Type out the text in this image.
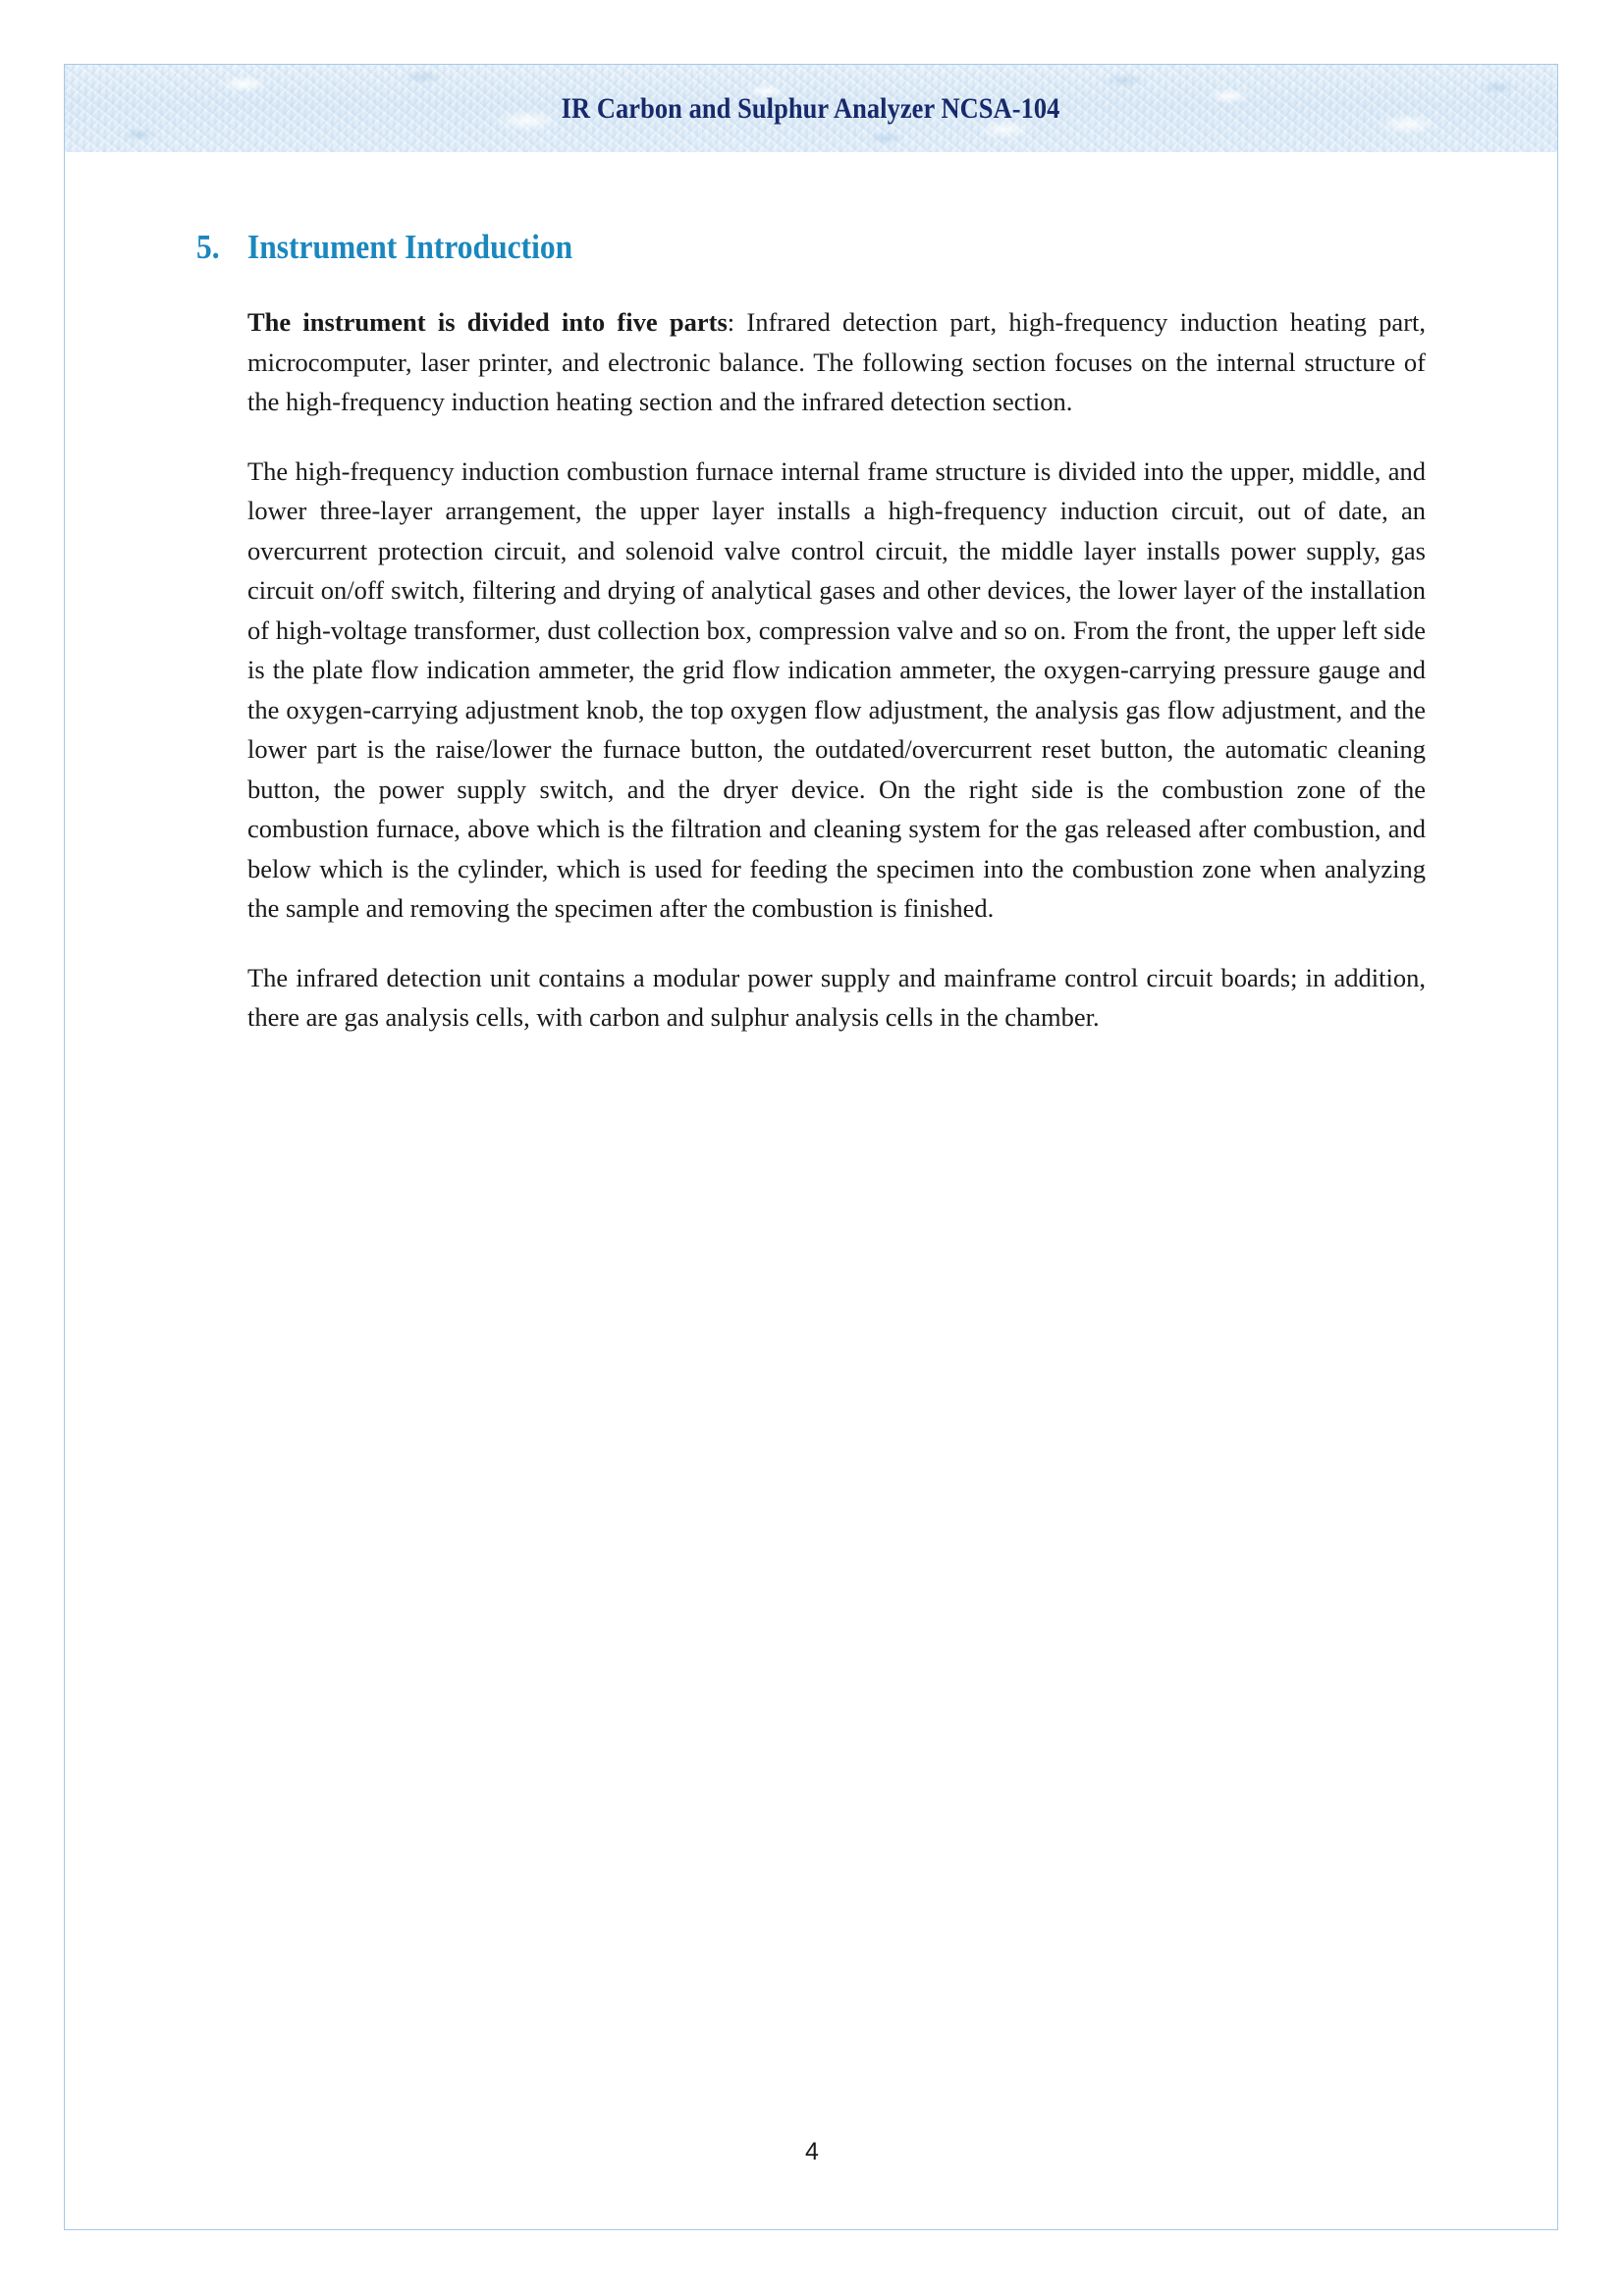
IR Carbon and Sulphur Analyzer NCSA-104
5. Instrument Introduction

The instrument is divided into five parts: Infrared detection part, high-frequency induction heating part, microcomputer, laser printer, and electronic balance. The following section focuses on the internal structure of the high-frequency induction heating section and the infrared detection section.

The high-frequency induction combustion furnace internal frame structure is divided into the upper, middle, and lower three-layer arrangement, the upper layer installs a high-frequency induction circuit, out of date, an overcurrent protection circuit, and solenoid valve control circuit, the middle layer installs power supply, gas circuit on/off switch, filtering and drying of analytical gases and other devices, the lower layer of the installation of high-voltage transformer, dust collection box, compression valve and so on. From the front, the upper left side is the plate flow indication ammeter, the grid flow indication ammeter, the oxygen-carrying pressure gauge and the oxygen-carrying adjustment knob, the top oxygen flow adjustment, the analysis gas flow adjustment, and the lower part is the raise/lower the furnace button, the outdated/overcurrent reset button, the automatic cleaning button, the power supply switch, and the dryer device. On the right side is the combustion zone of the combustion furnace, above which is the filtration and cleaning system for the gas released after combustion, and below which is the cylinder, which is used for feeding the specimen into the combustion zone when analyzing the sample and removing the specimen after the combustion is finished.

The infrared detection unit contains a modular power supply and mainframe control circuit boards; in addition, there are gas analysis cells, with carbon and sulphur analysis cells in the chamber.

4
